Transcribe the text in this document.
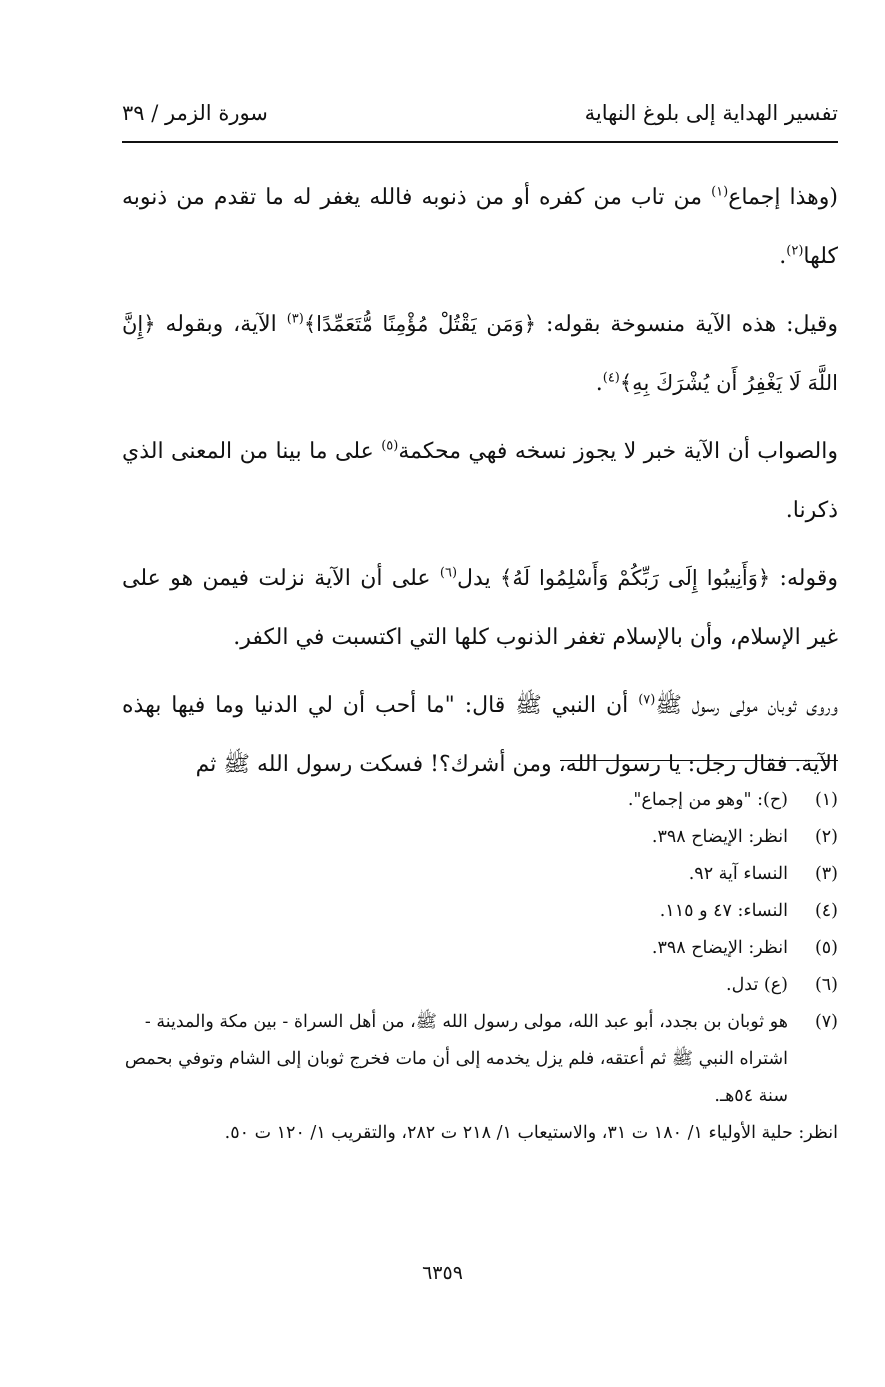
تفسير الهداية إلى بلوغ النهاية
سورة الزمر / ٣٩

(وهذا إجماع$^{(١)}$ من تاب من كفره أو من ذنوبه فالله يغفر له ما تقدم من ذنوبه كلها$^{(٢)}$.

وقيل: هذه الآية منسوخة بقوله: ﴿وَمَن يَقْتُلْ مُؤْمِنًا مُّتَعَمِّدًا﴾$^{(٣)}$ الآية، وبقوله ﴿إِنَّ اللَّهَ لَا يَغْفِرُ أَن يُشْرَكَ بِهِ﴾$^{(٤)}$.

والصواب أن الآية خبر لا يجوز نسخه فهي محكمة$^{(٥)}$ على ما بينا من المعنى الذي ذكرنا.

وقوله: ﴿وَأَنِيبُوا إِلَى رَبِّكُمْ وَأَسْلِمُوا لَهُ﴾ يدل$^{(٦)}$ على أن الآية نزلت فيمن هو على غير الإسلام، وأن بالإسلام تغفر الذنوب كلها التي اكتسبت في الكفر.

وروى ثوبان مولى رسول ﷺ$^{(٧)}$ أن النبي ﷺ قال: "ما أحب أن لي الدنيا وما فيها بهذه الآية. فقال رجل: يا رسول الله، ومن أشرك؟! فسكت رسول الله ﷺ ثم

(١)
(ح): "وهو من إجماع".
(٢)
انظر: الإيضاح ٣٩٨.
(٣)
النساء آية ٩٢.
(٤)
النساء: ٤٧ و ١١٥.
(٥)
انظر: الإيضاح ٣٩٨.
(٦)
(ع) تدل.
(٧)
هو ثوبان بن بجدد، أبو عبد الله، مولى رسول الله ﷺ، من أهل السراة - بين مكة والمدينة - اشتراه النبي ﷺ ثم أعتقه، فلم يزل يخدمه إلى أن مات فخرج ثوبان إلى الشام وتوفي بحمص سنة ٥٤هـ.
انظر: حلية الأولياء ١/ ١٨٠ ت ٣١، والاستيعاب ١/ ٢١٨ ت ٢٨٢، والتقريب ١/ ١٢٠ ت ٥٠.
٦٣٥٩
